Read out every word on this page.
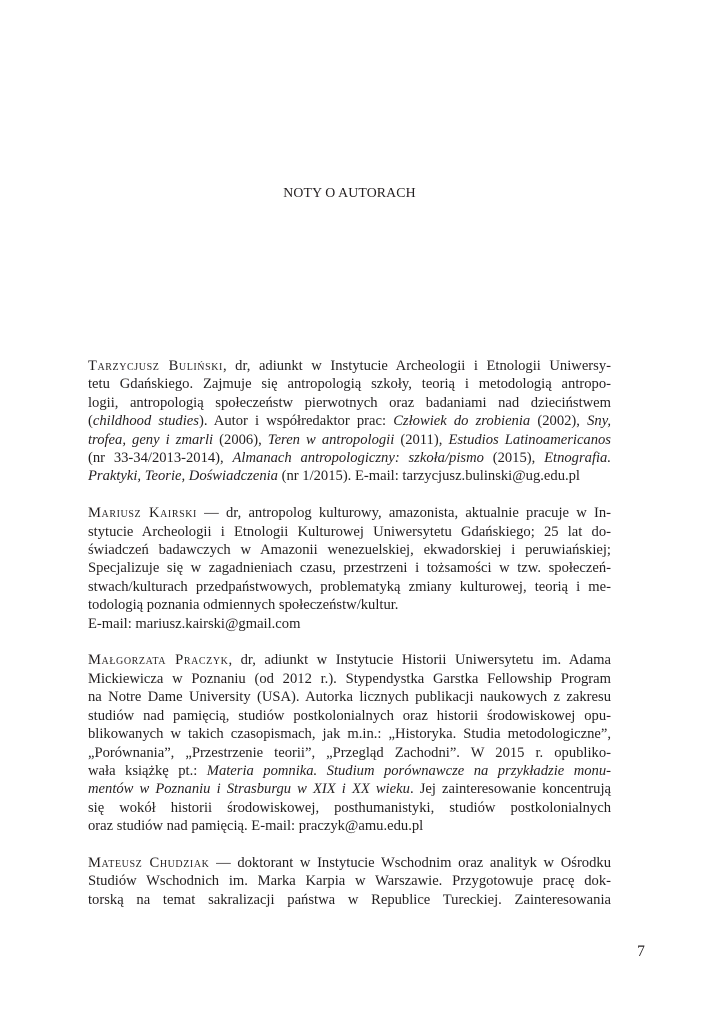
NOTY O AUTORACH
Tarzycjusz Buliński, dr, adiunkt w Instytucie Archeologii i Etnologii Uniwersy-
tetu Gdańskiego. Zajmuje się antropologią szkoły, teorią i metodologią antropo-
logii, antropologią społeczeństw pierwotnych oraz badaniami nad dzieciństwem
(childhood studies). Autor i współredaktor prac: Człowiek do zrobienia (2002), Sny,
trofea, geny i zmarli (2006), Teren w antropologii (2011), Estudios Latinoamericanos
(nr 33-34/2013-2014), Almanach antropologiczny: szkoła/pismo (2015), Etnografia.
Praktyki, Teorie, Doświadczenia (nr 1/2015). E-mail: tarzycjusz.bulinski@ug.edu.pl
Mariusz Kairski — dr, antropolog kulturowy, amazonista, aktualnie pracuje w In-
stytucie Archeologii i Etnologii Kulturowej Uniwersytetu Gdańskiego; 25 lat do-
świadczeń badawczych w Amazonii wenezuelskiej, ekwadorskiej i peruwiańskiej;
Specjalizuje się w zagadnieniach czasu, przestrzeni i tożsamości w tzw. społeczeń-
stwach/kulturach przedpaństwowych, problematyką zmiany kulturowej, teorią i me-
todologią poznania odmiennych społeczeństw/kultur.
E-mail: mariusz.kairski@gmail.com
Małgorzata Praczyk, dr, adiunkt w Instytucie Historii Uniwersytetu im. Adama
Mickiewicza w Poznaniu (od 2012 r.). Stypendystka Garstka Fellowship Program
na Notre Dame University (USA). Autorka licznych publikacji naukowych z zakresu
studiów nad pamięcią, studiów postkolonialnych oraz historii środowiskowej opu-
blikowanych w takich czasopismach, jak m.in.: „Historyka. Studia metodologiczne”,
„Porównania”, „Przestrzenie teorii”, „Przegląd Zachodni”. W 2015 r. opubliko-
wała książkę pt.: Materia pomnika. Studium porównawcze na przykładzie monu-
mentów w Poznaniu i Strasburgu w XIX i XX wieku. Jej zainteresowanie koncentrują
się wokół historii środowiskowej, posthumanistyki, studiów postkolonialnych
oraz studiów nad pamięcią. E-mail: praczyk@amu.edu.pl
Mateusz Chudziak — doktorant w Instytucie Wschodnim oraz analityk w Ośrodku
Studiów Wschodnich im. Marka Karpia w Warszawie. Przygotowuje pracę dok-
torską na temat sakralizacji państwa w Republice Tureckiej. Zainteresowania
7
